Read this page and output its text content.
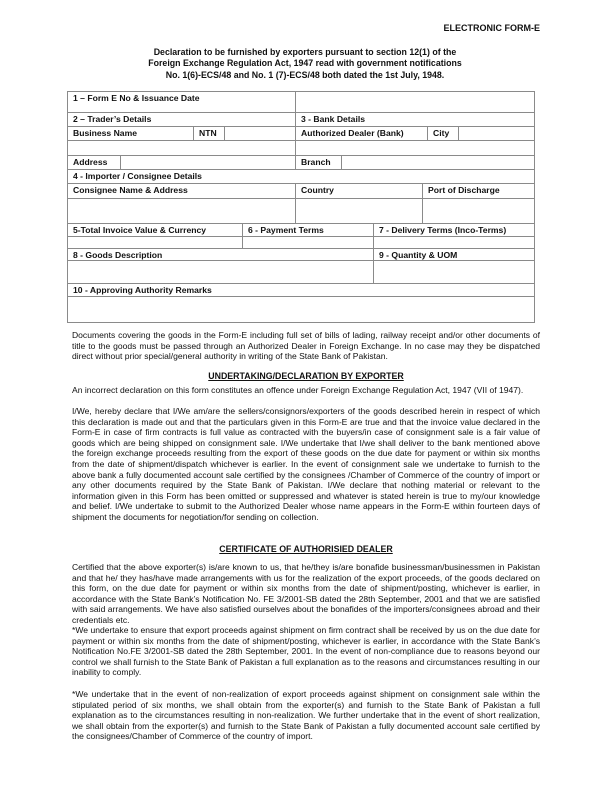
ELECTRONIC FORM-E
Declaration to be furnished by exporters pursuant to section 12(1) of the
Foreign Exchange Regulation Act, 1947 read with government notifications
No. 1(6)-ECS/48 and No. 1 (7)-ECS/48 both dated the 1st July, 1948.
1 – Form E No & Issuance Date
2 – Trader’s Details	3 - Bank Details
Business Name	NTN	Authorized Dealer (Bank)	City
Address	Branch
4 - Importer / Consignee Details
Consignee Name & Address	Country	Port of Discharge
5-Total Invoice Value & Currency	6 - Payment Terms	7 - Delivery Terms (Inco-Terms)
8 - Goods Description	9 - Quantity & UOM
10 - Approving Authority Remarks
Documents covering the goods in the Form-E including full set of bills of lading, railway receipt and/or other documents of title to the goods must be passed through an Authorized Dealer in Foreign Exchange. In no case may they be dispatched direct without prior special/general authority in writing of the State Bank of Pakistan.
UNDERTAKING/DECLARATION BY EXPORTER
An incorrect declaration on this form constitutes an offence under Foreign Exchange Regulation Act, 1947 (VII of 1947).
I/We, hereby declare that I/We am/are the sellers/consignors/exporters of the goods described herein in respect of which this declaration is made out and that the particulars given in this Form-E are true and that the invoice value declared in the Form-E in case of firm contracts is full value as contracted with the buyers/in case of consignment sale is a fair value of goods which are being shipped on consignment sale. I/We undertake that I/we shall deliver to the bank mentioned above the foreign exchange proceeds resulting from the export of these goods on the due date for payment or within six months from the date of shipment/dispatch whichever is earlier. In the event of consignment sale we undertake to furnish to the above bank a fully documented account sale certified by the consignees /Chamber of Commerce of the country of import or any other documents required by the State Bank of Pakistan. I/We declare that nothing material or relevant to the information given in this Form has been omitted or suppressed and whatever is stated herein is true to my/our knowledge and belief. I/We undertake to submit to the Authorized Dealer whose name appears in the Form-E within fourteen days of shipment the documents for negotiation/for sending on collection.
CERTIFICATE OF AUTHORISIED DEALER
Certified that the above exporter(s) is/are known to us, that he/they is/are bonafide businessman/businessmen in Pakistan and that he/ they has/have made arrangements with us for the realization of the export proceeds, of the goods declared on this form, on the due date for payment or within six months from the date of shipment/posting, whichever is earlier, in accordance with the State Bank’s Notification No. FE 3/2001-SB dated the 28th September, 2001 and that we are satisfied with said arrangements. We have also satisfied ourselves about the bonafides of the importers/consignees abroad and their credentials etc.
*We undertake to ensure that export proceeds against shipment on firm contract shall be received by us on the due date for payment or within six months from the date of shipment/posting, whichever is earlier, in accordance with the State Bank’s Notification No.FE 3/2001-SB dated the 28th September, 2001. In the event of non-compliance due to reasons beyond our control we shall furnish to the State Bank of Pakistan a full explanation as to the reasons and circumstances resulting in our inability to comply.
*We undertake that in the event of non-realization of export proceeds against shipment on consignment sale within the stipulated period of six months, we shall obtain from the exporter(s) and furnish to the State Bank of Pakistan a full explanation as to the circumstances resulting in non-realization. We further undertake that in the event of short realization, we shall obtain from the exporter(s) and furnish to the State Bank of Pakistan a fully documented account sale certified by the consignees/Chamber of Commerce of the country of import.
